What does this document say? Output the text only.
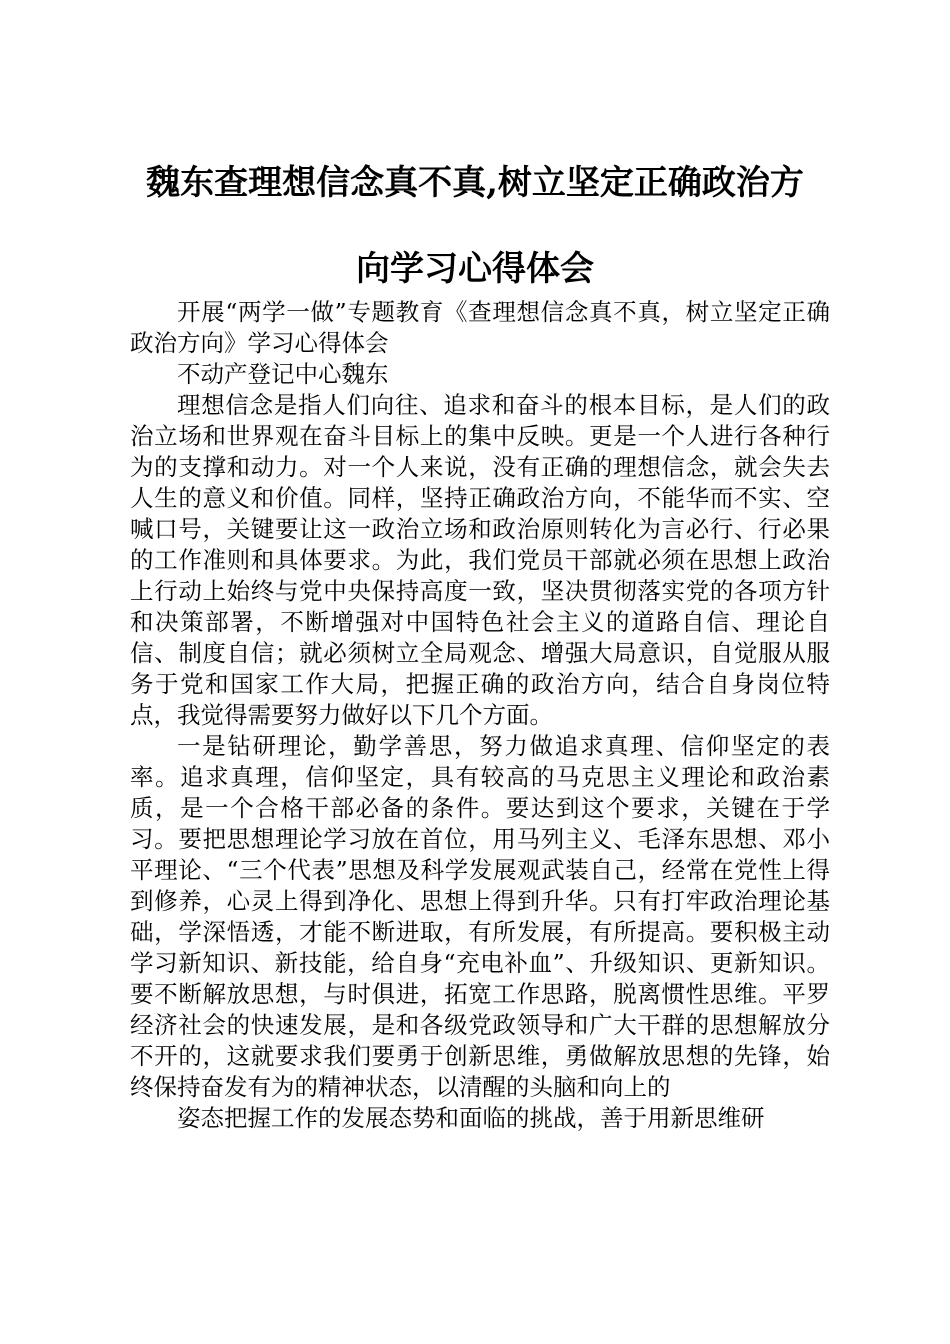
魏东查理想信念真不真,树立坚定正确政治方
向学习心得体会

开展“两学一做”专题教育《查理想信念真不真，树立坚定正确政治方向》学习心得体会

不动产登记中心魏东

理想信念是指人们向往、追求和奋斗的根本目标，是人们的政治立场和世界观在奋斗目标上的集中反映。更是一个人进行各种行为的支撑和动力。对一个人来说，没有正确的理想信念，就会失去人生的意义和价值。同样，坚持正确政治方向，不能华而不实、空喊口号，关键要让这一政治立场和政治原则转化为言必行、行必果的工作准则和具体要求。为此，我们党员干部就必须在思想上政治上行动上始终与党中央保持高度一致，坚决贯彻落实党的各项方针和决策部署，不断增强对中国特色社会主义的道路自信、理论自信、制度自信；就必须树立全局观念、增强大局意识，自觉服从服务于党和国家工作大局，把握正确的政治方向，结合自身岗位特点，我觉得需要努力做好以下几个方面。

一是钻研理论，勤学善思，努力做追求真理、信仰坚定的表率。追求真理，信仰坚定，具有较高的马克思主义理论和政治素质，是一个合格干部必备的条件。要达到这个要求，关键在于学习。要把思想理论学习放在首位，用马列主义、毛泽东思想、邓小平理论、“三个代表”思想及科学发展观武装自己，经常在党性上得到修养，心灵上得到净化、思想上得到升华。只有打牢政治理论基础，学深悟透，才能不断进取，有所发展，有所提高。要积极主动学习新知识、新技能，给自身“充电补血”、升级知识、更新知识。要不断解放思想，与时俱进，拓宽工作思路，脱离惯性思维。平罗经济社会的快速发展，是和各级党政领导和广大干群的思想解放分不开的，这就要求我们要勇于创新思维，勇做解放思想的先锋，始终保持奋发有为的精神状态，以清醒的头脑和向上的

姿态把握工作的发展态势和面临的挑战，善于用新思维研
